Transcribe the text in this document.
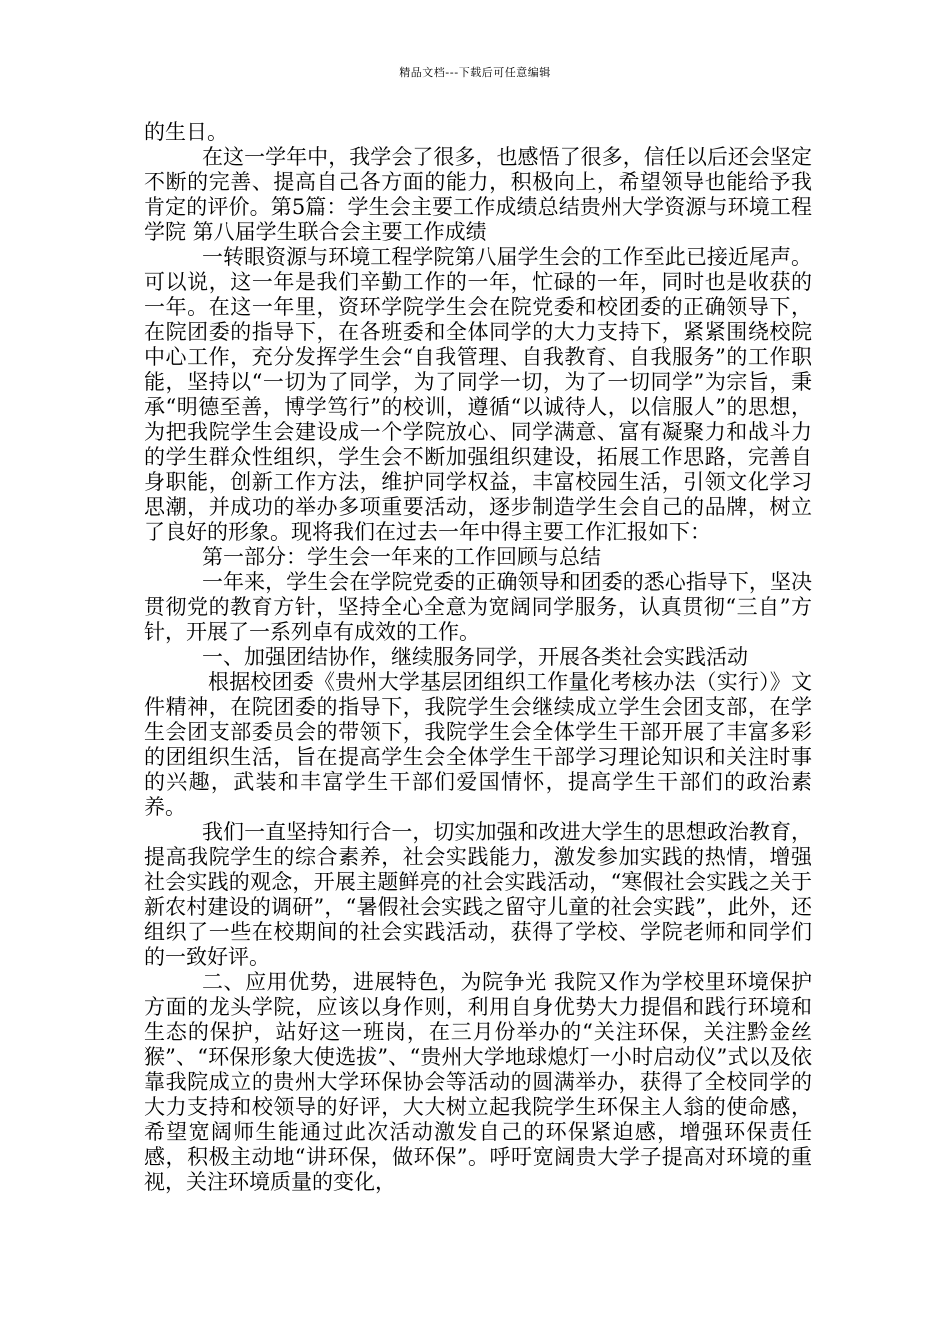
精品文档---下载后可任意编辑

的生日。

在这一学年中，我学会了很多，也感悟了很多，信任以后还会坚定不断的完善、提高自己各方面的能力，积极向上，希望领导也能给予我肯定的评价。第5篇：学生会主要工作成绩总结贵州大学资源与环境工程学院 第八届学生联合会主要工作成绩

一转眼资源与环境工程学院第八届学生会的工作至此已接近尾声。可以说，这一年是我们辛勤工作的一年，忙碌的一年，同时也是收获的一年。在这一年里，资环学院学生会在院党委和校团委的正确领导下，在院团委的指导下，在各班委和全体同学的大力支持下，紧紧围绕校院中心工作，充分发挥学生会“自我管理、自我教育、自我服务”的工作职能，坚持以“一切为了同学，为了同学一切，为了一切同学”为宗旨，秉承“明德至善，博学笃行”的校训，遵循“以诚待人，以信服人”的思想，为把我院学生会建设成一个学院放心、同学满意、富有凝聚力和战斗力的学生群众性组织，学生会不断加强组织建设，拓展工作思路，完善自身职能，创新工作方法，维护同学权益，丰富校园生活，引领文化学习思潮，并成功的举办多项重要活动，逐步制造学生会自己的品牌，树立了良好的形象。现将我们在过去一年中得主要工作汇报如下：

第一部分：学生会一年来的工作回顾与总结

一年来，学生会在学院党委的正确领导和团委的悉心指导下，坚决贯彻党的教育方针，坚持全心全意为宽阔同学服务，认真贯彻“三自”方针，开展了一系列卓有成效的工作。

一、加强团结协作，继续服务同学，开展各类社会实践活动

根据校团委《贵州大学基层团组织工作量化考核办法（实行）》文件精神，在院团委的指导下，我院学生会继续成立学生会团支部，在学生会团支部委员会的带领下，我院学生会全体学生干部开展了丰富多彩的团组织生活，旨在提高学生会全体学生干部学习理论知识和关注时事的兴趣，武装和丰富学生干部们爱国情怀，提高学生干部们的政治素养。

我们一直坚持知行合一，切实加强和改进大学生的思想政治教育，提高我院学生的综合素养，社会实践能力，激发参加实践的热情，增强社会实践的观念，开展主题鲜亮的社会实践活动，“寒假社会实践之关于新农村建设的调研”，“暑假社会实践之留守儿童的社会实践”，此外，还组织了一些在校期间的社会实践活动，获得了学校、学院老师和同学们的一致好评。

二、应用优势，进展特色，为院争光 我院又作为学校里环境保护方面的龙头学院，应该以身作则，利用自身优势大力提倡和践行环境和生态的保护，站好这一班岗，在三月份举办的“关注环保，关注黔金丝猴”、“环保形象大使选拔”、“贵州大学地球熄灯一小时启动仪”式以及依靠我院成立的贵州大学环保协会等活动的圆满举办，获得了全校同学的大力支持和校领导的好评，大大树立起我院学生环保主人翁的使命感，希望宽阔师生能通过此次活动激发自己的环保紧迫感，增强环保责任感，积极主动地“讲环保，做环保”。呼吁宽阔贵大学子提高对环境的重视，关注环境质量的变化，
